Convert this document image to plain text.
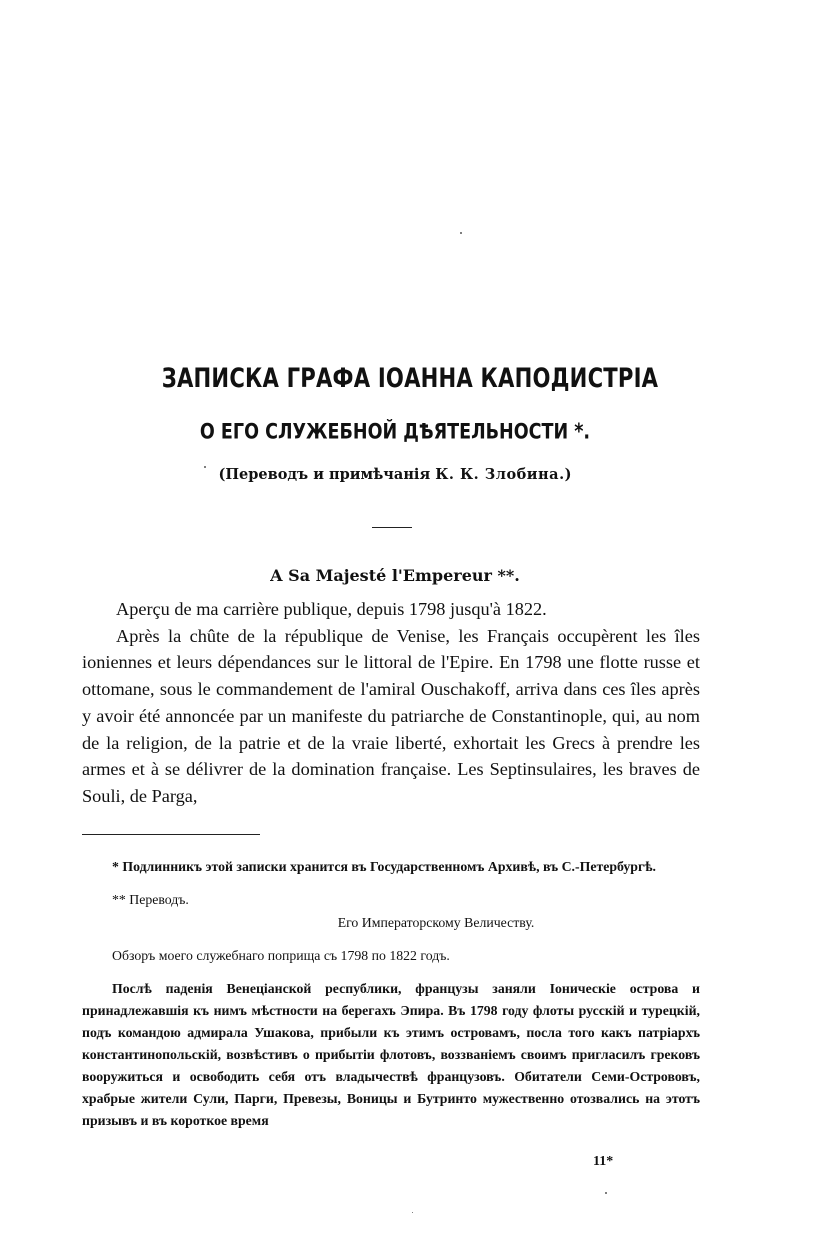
ЗАПИСКА ГРАФА ІОАННА КАПОДИСТРІА
О ЕГО СЛУЖЕБНОЙ ДѢЯТЕЛЬНОСТИ *.
(Переводъ и примѣчанія К. К. Злобина.)
A Sa Majesté l'Empereur **.

Aperçu de ma carrière publique, depuis 1798 jusqu'à 1822.

Après la chûte de la république de Venise, les Français occupèrent les îles ioniennes et leurs dépendances sur le littoral de l'Epire. En 1798 une flotte russe et ottomane, sous le commandement de l'amiral Ouschakoff, arriva dans ces îles après y avoir été annoncée par un manifeste du patriarche de Constantinople, qui, au nom de la religion, de la patrie et de la vraie liberté, exhortait les Grecs à prendre les armes et à se délivrer de la domination française. Les Septinsulaires, les braves de Souli, de Parga,

* Подлинникъ этой записки хранится въ Государственномъ Архивѣ, въ С.-Петербургѣ.

** Переводъ.

Его Императорскому Величеству.

Обзоръ моего служебнаго поприща съ 1798 по 1822 годъ.

Послѣ паденія Венеціанской республики, французы заняли Іоническіе острова и принадлежавшія къ нимъ мѣстности на берегахъ Эпира. Въ 1798 году флоты русскій и турецкій, подъ командою адмирала Ушакова, прибыли къ этимъ островамъ, посла того какъ патріархъ константинопольскій, возвѣстивъ о прибытіи флотовъ, воззваніемъ своимъ пригласилъ грековъ вооружиться и освободить себя отъ владычествѣ французовъ. Обитатели Семи-Острововъ, храбрые жители Сули, Парги, Превезы, Воницы и Бутринто мужественно отозвались на этотъ призывъ и въ короткое время

11*
